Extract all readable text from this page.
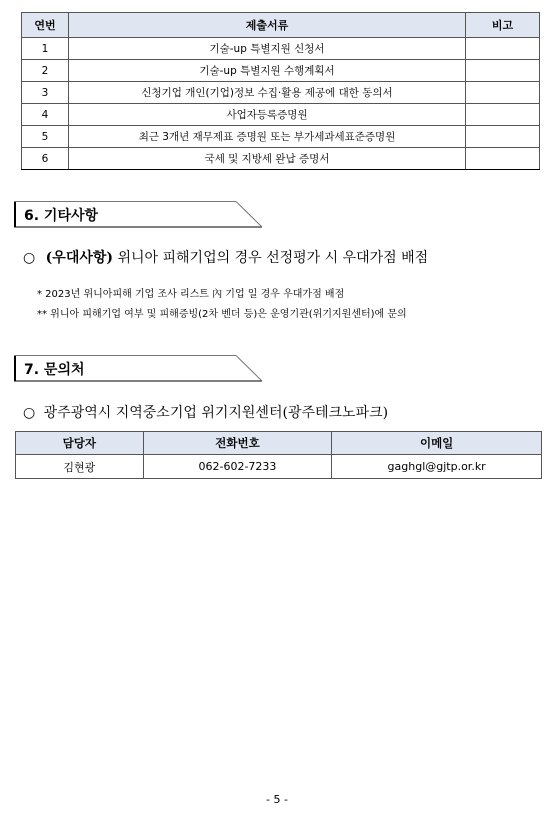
연번	제출서류	비고
1	기술-up 특별지원 신청서	
2	기술-up 특별지원 수행계획서	
3	신청기업 개인(기업)정보 수집·활용 제공에 대한 동의서	
4	사업자등록증명원	
5	최근 3개년 재무제표 증명원 또는 부가세과세표준증명원	
6	국세 및 지방세 완납 증명서	
6. 기타사항
○ (우대사항) 위니아 피해기업의 경우 선정평가 시 우대가점 배점
* 2023년 위니아피해 기업 조사 리스트 內 기업 일 경우 우대가점 배점
** 위니아 피해기업 여부 및 피해증빙(2차 벤더 등)은 운영기관(위기지원센터)에 문의
7. 문의처
○ 광주광역시 지역중소기업 위기지원센터(광주테크노파크)
담당자	전화번호	이메일
김현광	062-602-7233	gaghgl@gjtp.or.kr
- 5 -
